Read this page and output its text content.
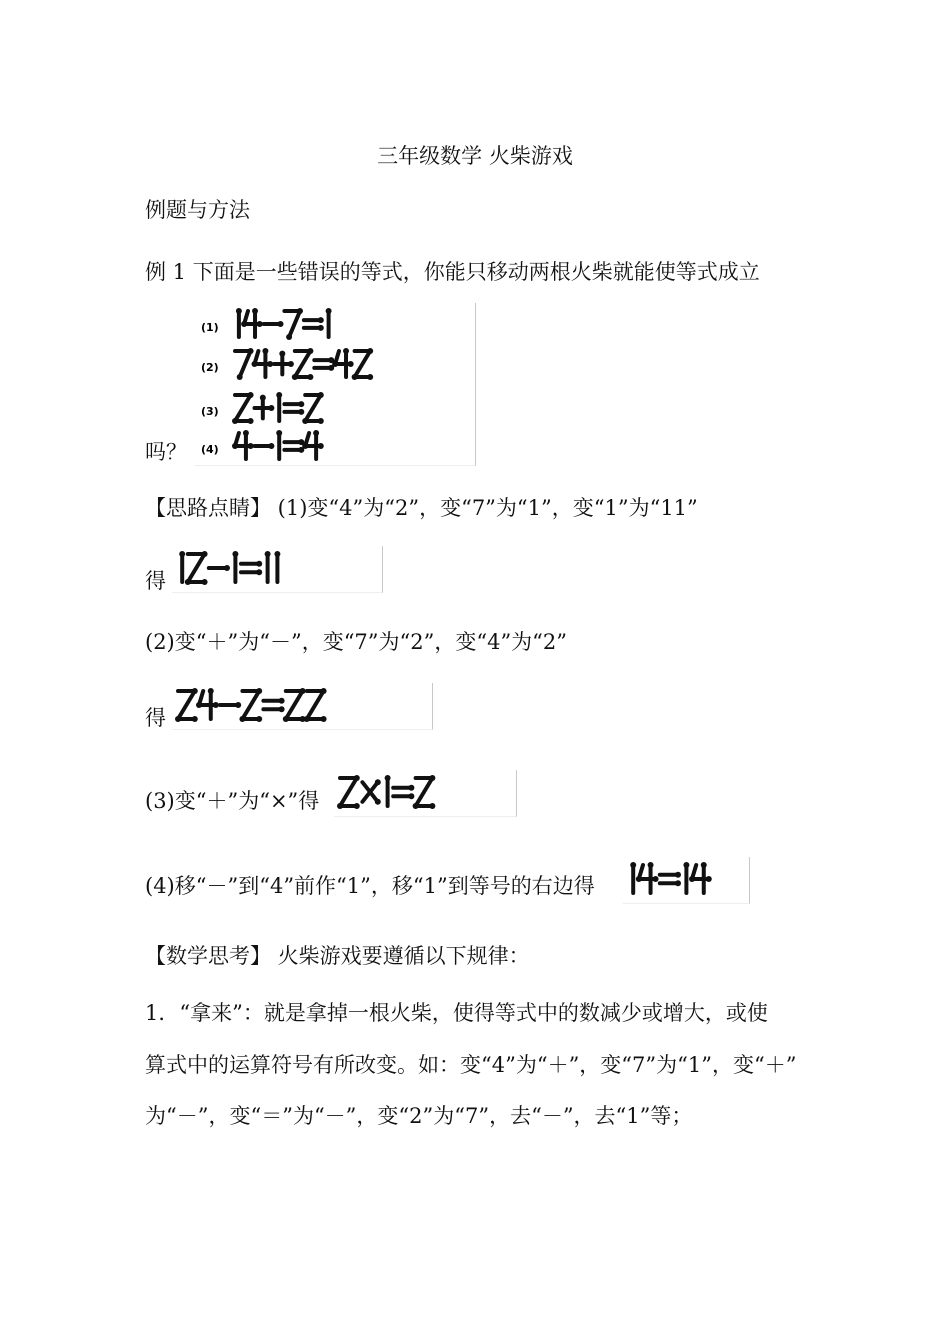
三年级数学 火柴游戏
例题与方法
例 1 下面是一些错误的等式，你能只移动两根火柴就能使等式成立
(1)
(2)
(3)
(4)
吗？
【思路点睛】 (1)变“4”为“2”，变“7”为“1”，变“1”为“11”
得
(2)变“＋”为“－”，变“7”为“2”，变“4”为“2”
得
(3)变“＋”为“×”得
(4)移“－”到“4”前作“1”，移“1”到等号的右边得
【数学思考】 火柴游戏要遵循以下规律：
1．“拿来”：就是拿掉一根火柴，使得等式中的数减少或增大，或使
算式中的运算符号有所改变。如：变“4”为“＋”，变“7”为“1”，变“＋”
为“－”，变“＝”为“－”，变“2”为“7”，去“－”，去“1”等；
